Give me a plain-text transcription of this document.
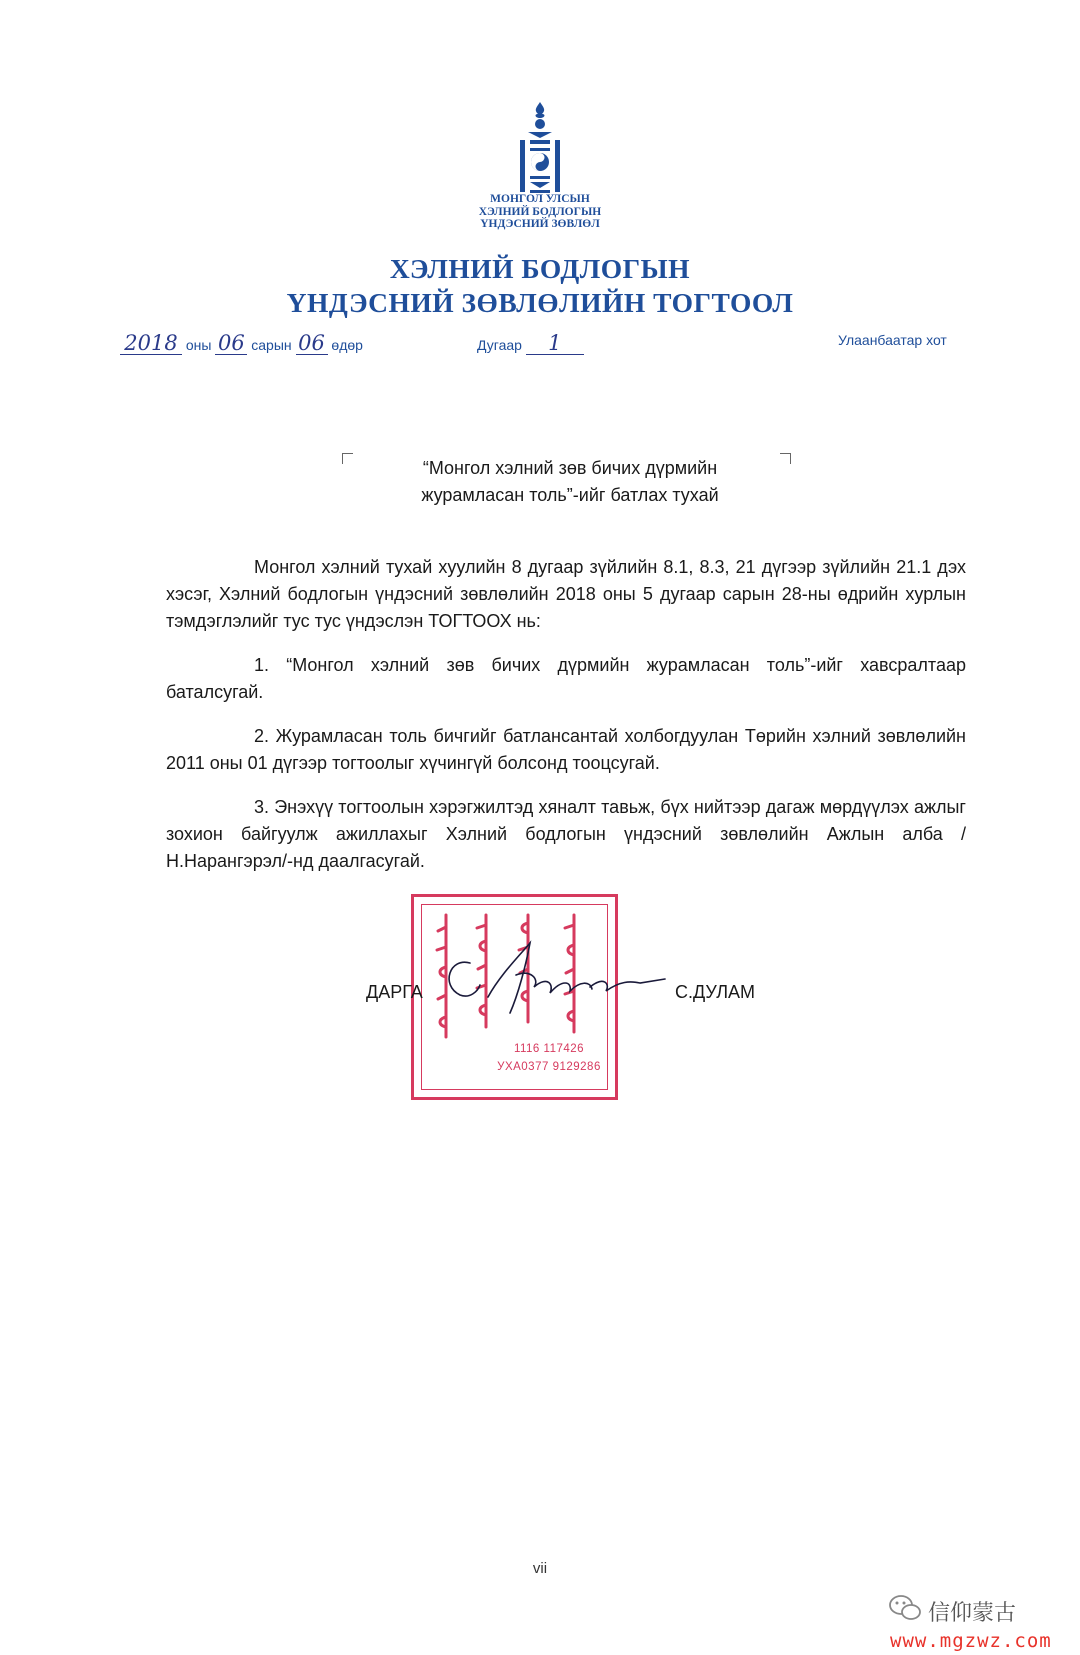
МОНГОЛ УЛСЫН
ХЭЛНИЙ БОДЛОГЫН
ҮНДЭСНИЙ ЗӨВЛӨЛ
ХЭЛНИЙ БОДЛОГЫН
ҮНДЭСНИЙ ЗӨВЛӨЛИЙН ТОГТООЛ
2018 оны 06 сарын 06 өдөр	Дугаар 1	Улаанбаатар хот
“Монгол хэлний зөв бичих дүрмийн
журамласан толь”-ийг батлах тухай

Монгол хэлний тухай хуулийн 8 дугаар зүйлийн 8.1, 8.3, 21 дүгээр зүйлийн 21.1 дэх хэсэг, Хэлний бодлогын үндэсний зөвлөлийн 2018 оны 5 дугаар сарын 28-ны өдрийн хурлын тэмдэглэлийг тус тус үндэслэн ТОГТООХ нь:

1. “Монгол хэлний зөв бичих дүрмийн журамласан толь”-ийг хавсралтаар баталсугай.

2. Журамласан толь бичгийг батлансантай холбогдуулан Төрийн хэлний зөвлөлийн 2011 оны 01 дүгээр тогтоолыг хүчингүй болсонд тооцсугай.

3. Энэхүү тогтоолын хэрэгжилтэд хяналт тавьж, бүх нийтээр дагаж мөрдүүлэх ажлыг зохион байгуулж ажиллахыг Хэлний бодлогын үндэсний зөвлөлийн Ажлын алба /Н.Нарангэрэл/-нд даалгасугай.

1116 117426
УХА0377 9129286
ДАРГА	С.ДУЛАМ
vii
信仰蒙古
www.mgzwz.com
